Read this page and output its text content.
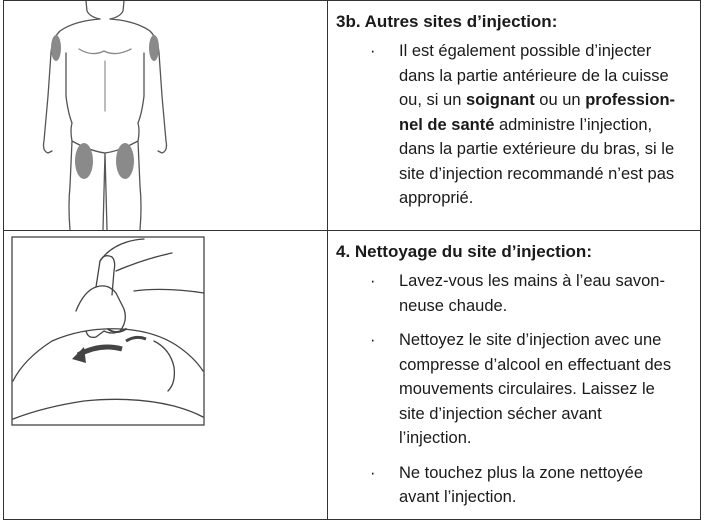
3b. Autres sites d’injection:
· Il est également possible d’injecter
dans la partie antérieure de la cuisse
ou, si un soignant ou un profession-
nel de santé administre l’injection,
dans la partie extérieure du bras, si le
site d’injection recommandé n’est pas
approprié.
4. Nettoyage du site d’injection:
· Lavez-vous les mains à l’eau savon-
neuse chaude.
· Nettoyez le site d’injection avec une
compresse d’alcool en effectuant des
mouvements circulaires. Laissez le
site d’injection sécher avant
l’injection.
· Ne touchez plus la zone nettoyée
avant l’injection.
